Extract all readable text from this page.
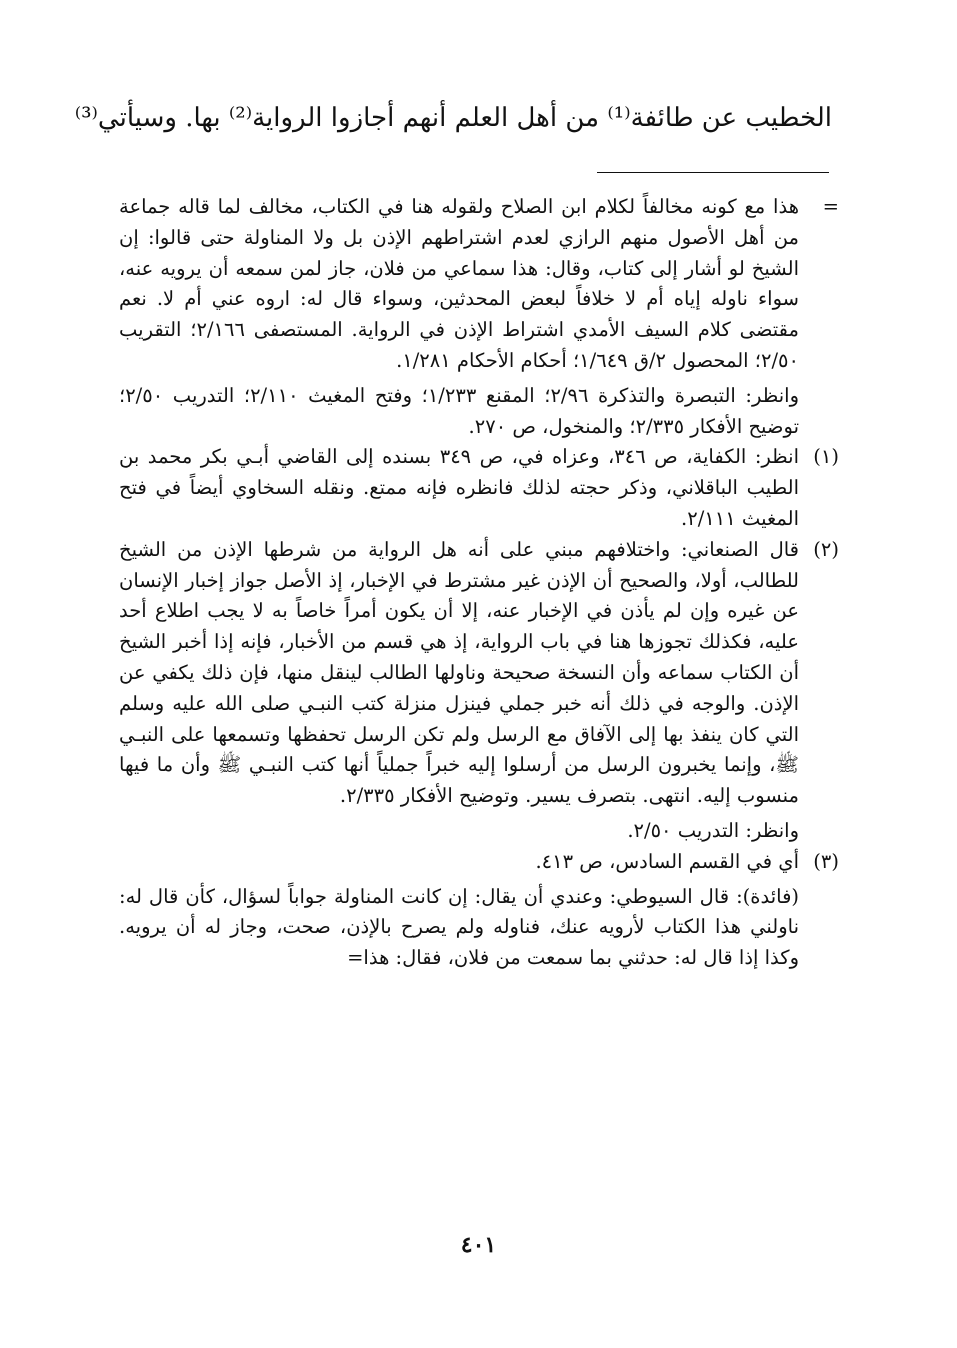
الخطيب عن طائفة⁽¹⁾ من أهل العلم أنهم أجازوا الرواية⁽²⁾ بها. وسيأتي⁽³⁾
=

هذا مع كونه مخالفاً لكلام ابن الصلاح ولقوله هنا في الكتاب، مخالف لما قاله جماعة من أهل الأصول منهم الرازي لعدم اشتراطهم الإذن بل ولا المناولة حتى قالوا: إن الشيخ لو أشار إلى كتاب، وقال: هذا سماعي من فلان، جاز لمن سمعه أن يرويه عنه، سواء ناوله إياه أم لا خلافاً لبعض المحدثين، وسواء قال له: اروه عني أم لا. نعم مقتضى كلام السيف الأمدي اشتراط الإذن في الرواية. المستصفى ٢/١٦٦؛ التقريب ٢/٥٠؛ المحصول ٢/ق ١/٦٤٩؛ أحكام الأحكام ١/٢٨١.

وانظر: التبصرة والتذكرة ٢/٩٦؛ المقنع ١/٢٣٣؛ وفتح المغيث ٢/١١٠؛ التدريب ٢/٥٠؛ توضيح الأفكار ٢/٣٣٥؛ والمنخول، ص ٢٧٠.

(١)

انظر: الكفاية، ص ٣٤٦، وعزاه في، ص ٣٤٩ بسنده إلى القاضي أبـي بكر محمد بن الطيب الباقلاني، وذكر حجته لذلك فانظره فإنه ممتع. ونقله السخاوي أيضاً في فتح المغيث ٢/١١١.

(٢)

قال الصنعاني: واختلافهم مبني على أنه هل الرواية من شرطها الإذن من الشيخ للطالب، أولا، والصحيح أن الإذن غير مشترط في الإخبار، إذ الأصل جواز إخبار الإنسان عن غيره وإن لم يأذن في الإخبار عنه، إلا أن يكون أمراً خاصاً به لا يجب اطلاع أحد عليه، فكذلك تجوزها هنا في باب الرواية، إذ هي قسم من الأخبار، فإنه إذا أخبر الشيخ أن الكتاب سماعه وأن النسخة صحيحة وناولها الطالب لينقل منها، فإن ذلك يكفي عن الإذن. والوجه في ذلك أنه خبر جملي فينزل منزلة كتب النبـي صلى الله عليه وسلم التي كان ينفذ بها إلى الآفاق مع الرسل ولم تكن الرسل تحفظها وتسمعها على النبـي ﷺ، وإنما يخبرون الرسل من أرسلوا إليه خبراً جملياً أنها كتب النبـي ﷺ وأن ما فيها منسوب إليه. انتهى. بتصرف يسير. وتوضيح الأفكار ٢/٣٣٥.

وانظر: التدريب ٢/٥٠.

(٣)

أي في القسم السادس، ص ٤١٣.

(فائدة): قال السيوطي: وعندي أن يقال: إن كانت المناولة جواباً لسؤال، كأن قال له: ناولني هذا الكتاب لأرويه عنك، فناوله ولم يصرح بالإذن، صحت، وجاز له أن يرويه. وكذا إذا قال له: حدثني بما سمعت من فلان، فقال: هذا=

٤٠١
